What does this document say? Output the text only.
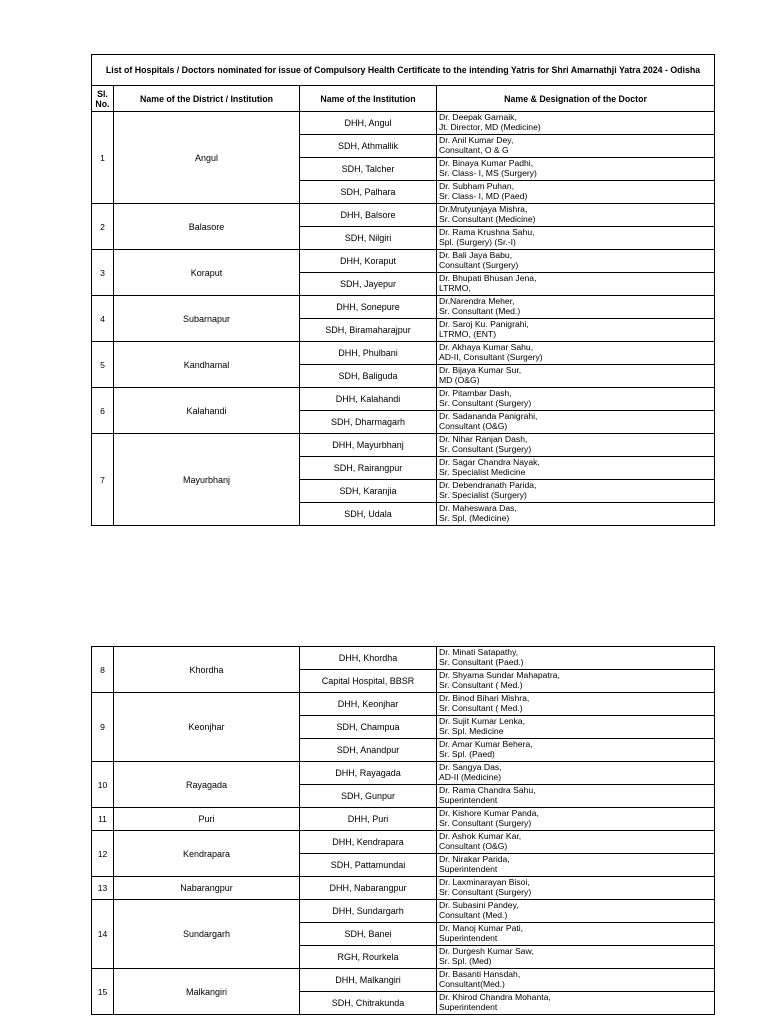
List of Hospitals / Doctors nominated for issue of Compulsory Health Certificate to the intending Yatris for Shri Amarnathji Yatra 2024 - Odisha			
Sl. No.	Name of the District / Institution	Name of the Institution	Name & Designation of the Doctor
1	Angul	DHH, Angul	Dr. Deepak Garnaik,
Jt. Director, MD (Medicine)

		SDH, Athmallik	Dr. Anil Kumar Dey,
Consultant, O & G

		SDH, Talcher	Dr. Binaya Kumar Padhi,
Sr. Class- I, MS (Surgery)

		SDH, Palhara	Dr. Subham Puhan,
Sr. Class- I, MD (Paed)

2	Balasore	DHH, Balsore	Dr.Mrutyunjaya Mishra,
Sr. Consultant (Medicine)

		SDH, Nilgiri	Dr. Rama Krushna Sahu,
Spl. (Surgery) (Sr.-I)

3	Koraput	DHH, Koraput	Dr. Bali Jaya Babu,
Consultant (Surgery)

		SDH, Jayepur	Dr. Bhupati Bhusan Jena,
LTRMO,

4	Subarnapur	DHH, Sonepure	Dr.Narendra Meher,
Sr. Consultant (Med.)

		SDH, Biramaharajpur	Dr. Saroj Ku. Panigrahi,
LTRMO, (ENT)

5	Kandhamal	DHH, Phulbani	Dr. Akhaya Kumar Sahu,
AD-II, Consultant (Surgery)

		SDH, Baliguda	Dr. Bijaya Kumar Sur,
MD (O&G)

6	Kalahandi	DHH, Kalahandi	Dr. Pitambar Dash,
Sr. Consultant (Surgery)

		SDH, Dharmagarh	Dr. Sadananda Panigrahi,
Consultant (O&G)

7	Mayurbhanj	DHH, Mayurbhanj	Dr. Nihar Ranjan Dash,
Sr. Consultant (Surgery)

		SDH, Rairangpur	Dr. Sagar Chandra Nayak,
Sr. Specialist Medicine

		SDH, Karanjia	Dr. Debendranath Parida,
Sr. Specialist (Surgery)

		SDH, Udala	Dr. Maheswara Das,
Sr. Spl. (Medicine)
8	Khordha	DHH, Khordha	Dr. Minati Satapathy,
Sr. Consultant (Paed.)

		Capital Hospital, BBSR	Dr. Shyama Sundar Mahapatra,
Sr. Consultant ( Med.)

9	Keonjhar	DHH, Keonjhar	Dr. Binod Bihari Mishra,
Sr. Consultant ( Med.)

		SDH, Champua	Dr. Sujit Kumar Lenka,
Sr. Spl. Medicine

		SDH, Anandpur	Dr. Amar Kumar Behera,
Sr. Spl. (Paed)

10	Rayagada	DHH, Rayagada	Dr. Sangya Das,
AD-II (Medicine)

		SDH, Gunpur	Dr. Rama Chandra Sahu,
Superintendent

11	Puri	DHH, Puri	Dr. Kishore Kumar Panda,
Sr. Consultant (Surgery)

12	Kendrapara	DHH, Kendrapara	Dr. Ashok Kumar Kar,
Consultant (O&G)

		SDH, Pattamundai	Dr. Nirakar Parida,
Superintendent

13	Nabarangpur	DHH, Nabarangpur	Dr. Laxminarayan Bisoi,
Sr. Consultant (Surgery)

14	Sundargarh	DHH, Sundargarh	Dr. Subasini Pandey,
Consultant (Med.)

		SDH, Banei	Dr. Manoj Kumar Pati,
Superintendent

		RGH, Rourkela	Dr. Durgesh Kumar Saw,
Sr. Spl. (Med)

15	Malkangiri	DHH, Malkangiri	Dr. Basanti Hansdah,
Consultant(Med.)

		SDH, Chitrakunda	Dr. Khirod Chandra Mohanta,
Superintendent
